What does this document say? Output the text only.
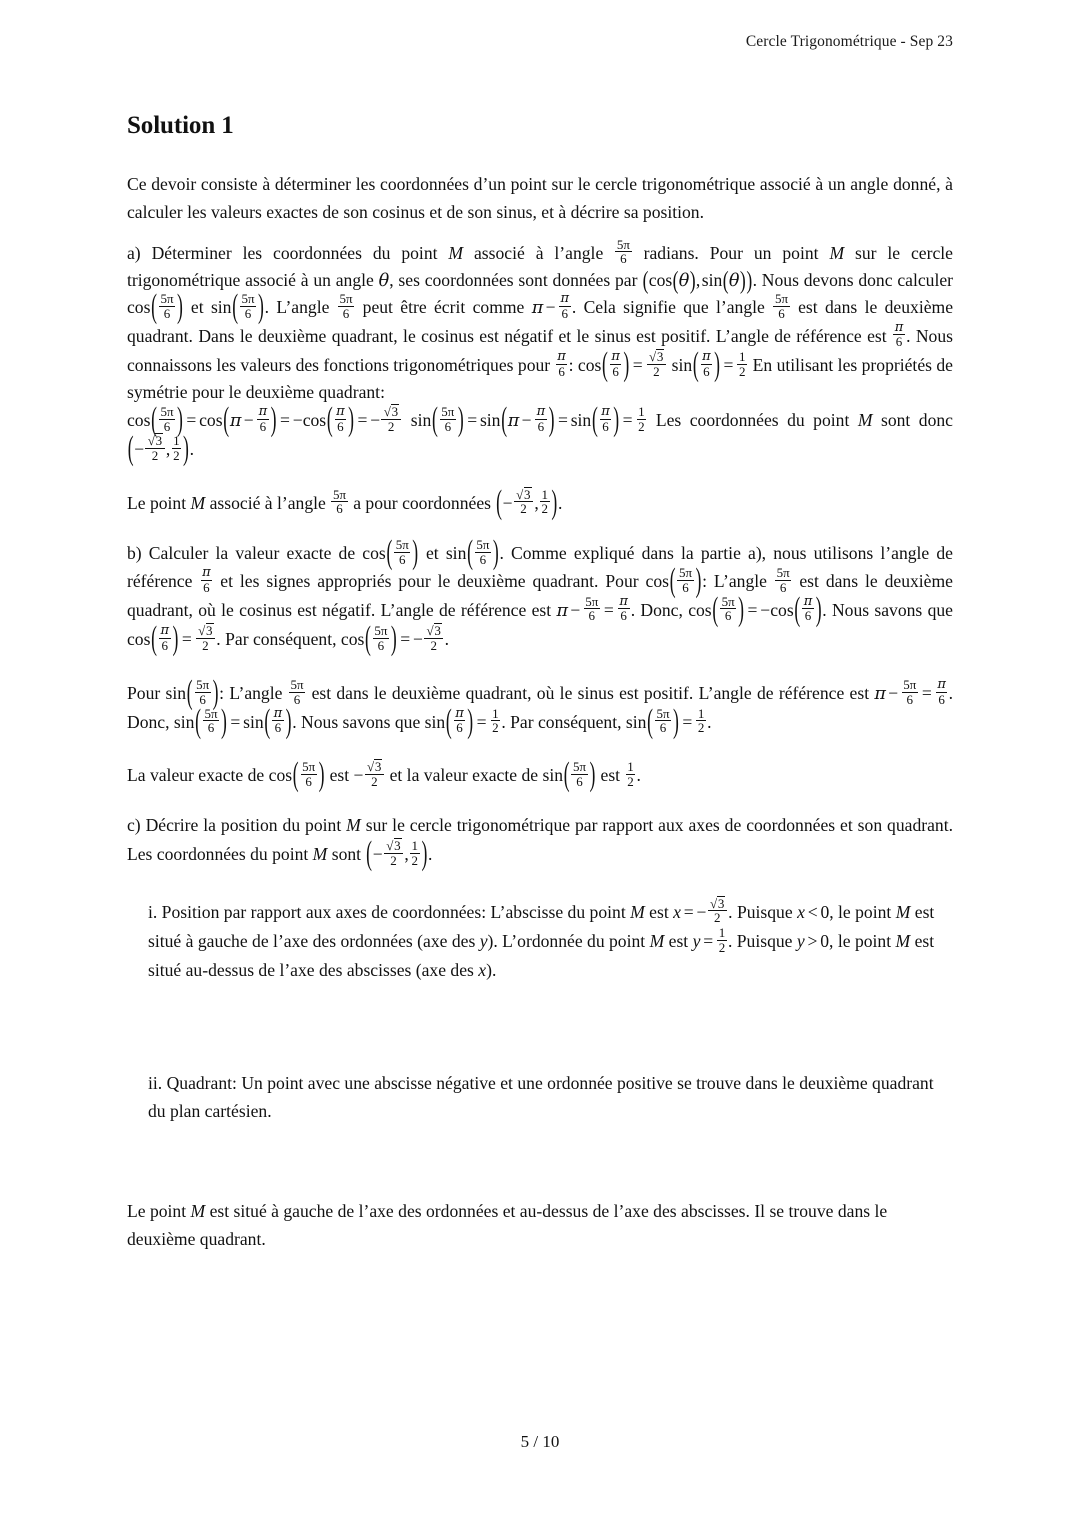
Cercle Trigonométrique - Sep 23
Solution 1

Ce devoir consiste à déterminer les coordonnées d’un point sur le cercle trigonométrique associé à un angle donné, à calculer les valeurs exactes de son cosinus et de son sinus, et à décrire sa position.

a) Déterminer les coordonnées du point M associé à l’angle $\frac{5\pi}{6}$ radians. Pour un point M sur le cercle trigonométrique associé à un angle θ, ses coordonnées sont données par (cos(θ), sin(θ)). Nous devons donc calculer $\cos( \frac{5\pi}{6}$ ) et $\sin( \frac{5\pi}{6}$ ). L’angle $\frac{5\pi}{6}$ peut être écrit comme $\pi - \frac{\pi}{6}$ . Cela signifie que l’angle $\frac{5\pi}{6}$ est dans le deuxième quadrant. Dans le deuxième quadrant, le cosinus est négatif et le sinus est positif. L’angle de référence est $\frac{\pi}{6}$ . Nous connaissons les valeurs des fonctions trigonométriques pour $\frac{\pi}{6}$ : $\cos( \frac{\pi}{6}$ ) = $\frac{√3}{2} \sin( \frac{\pi}{6}$ ) = $\frac{1}{2}$ En utilisant les propriétés de symétrie pour le deuxième quadrant:
$\cos( \frac{5\pi}{6}$ ) = $\cos(\pi - \frac{\pi}{6}$ ) = $-\cos( \frac{\pi}{6}$ ) = − $\frac{√3}{2} \sin( \frac{5\pi}{6}$ ) = $\sin(\pi - \frac{\pi}{6}$ ) = $\sin( \frac{\pi}{6}$ ) = $\frac{1}{2}$ Les coordonnées du point M sont donc (− $\frac{√3}{2}$ , $\frac{1}{2}$ ).

Le point M associé à l’angle $\frac{5\pi}{6}$ a pour coordonnées (− $\frac{√3}{2}$ , $\frac{1}{2}$ ).

b) Calculer la valeur exacte de $\cos( \frac{5\pi}{6}$ ) et $\sin( \frac{5\pi}{6}$ ). Comme expliqué dans la partie a), nous utilisons l’angle de référence $\frac{\pi}{6}$ et les signes appropriés pour le deuxième quadrant. Pour $\cos( \frac{5\pi}{6}$ ): L’angle $\frac{5\pi}{6}$ est dans le deuxième quadrant, où le cosinus est négatif. L’angle de référence est $\pi - \frac{5\pi}{6} = \frac{\pi}{6}$ . Donc, $\cos( \frac{5\pi}{6}$ ) = $-\cos( \frac{\pi}{6}$ ). Nous savons que $\cos( \frac{\pi}{6}$ ) = $\frac{√3}{2}$ . Par conséquent, $\cos( \frac{5\pi}{6}$ ) = − $\frac{√3}{2}$ .

Pour $\sin( \frac{5\pi}{6}$ ): L’angle $\frac{5\pi}{6}$ est dans le deuxième quadrant, où le sinus est positif. L’angle de référence est $\pi - \frac{5\pi}{6} = \frac{\pi}{6}$ . Donc, $\sin( \frac{5\pi}{6}$ ) = $\sin( \frac{\pi}{6}$ ). Nous savons que $\sin( \frac{\pi}{6}$ ) = $\frac{1}{2}$ . Par conséquent, $\sin( \frac{5\pi}{6}$ ) = $\frac{1}{2}$ .

La valeur exacte de $\cos( \frac{5\pi}{6}$ ) est − $\frac{√3}{2}$ et la valeur exacte de $\sin( \frac{5\pi}{6}$ ) est $\frac{1}{2}$ .

c) Décrire la position du point M sur le cercle trigonométrique par rapport aux axes de coordonnées et son quadrant. Les coordonnées du point M sont (− $\frac{√3}{2}$ , $\frac{1}{2}$ ).

i. Position par rapport aux axes de coordonnées: L’abscisse du point M est x = − $\frac{√3}{2}$ . Puisque x < 0, le point M est situé à gauche de l’axe des ordonnées (axe des y). L’ordonnée du point M est $y = \frac{1}{2}$ . Puisque y > 0, le point M est situé au-dessus de l’axe des abscisses (axe des x).

ii. Quadrant: Un point avec une abscisse négative et une ordonnée positive se trouve dans le deuxième quadrant du plan cartésien.

Le point M est situé à gauche de l’axe des ordonnées et au-dessus de l’axe des abscisses. Il se trouve dans le deuxième quadrant.

5 / 10
